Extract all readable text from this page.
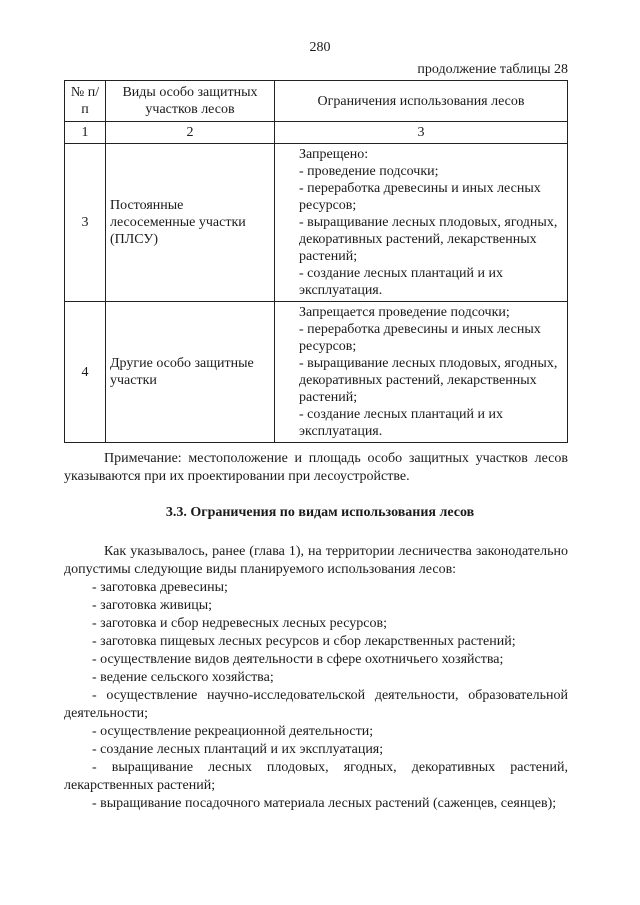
280
продолжение таблицы 28
№ п/п	Виды особо защитных участков лесов	Ограничения использования лесов
1	2	3
3	Постоянные лесосеменные участки (ПЛСУ)	Запрещено:
- проведение подсочки;
- переработка древесины и иных лесных ресурсов;
- выращивание лесных плодовых, ягодных, декоративных растений, лекарственных растений;
- создание лесных плантаций и их эксплуатация.

4	Другие особо защитные участки	Запрещается проведение подсочки;
- переработка древесины и иных лесных ресурсов;
- выращивание лесных плодовых, ягодных, декоративных растений, лекарственных растений;
- создание лесных плантаций и их эксплуатация.
Примечание: местоположение и площадь особо защитных участков лесов указываются при их проектировании при лесоустройстве.
3.3. Ограничения по видам использования лесов

Как указывалось, ранее (глава 1), на территории лесничества законодательно допустимы следующие виды планируемого использования лесов:

- заготовка древесины;

- заготовка живицы;

- заготовка и сбор недревесных лесных ресурсов;

- заготовка пищевых лесных ресурсов и сбор лекарственных растений;

- осуществление видов деятельности в сфере охотничьего хозяйства;

- ведение сельского хозяйства;

- осуществление научно-исследовательской деятельности, образовательной деятельности;

- осуществление рекреационной деятельности;

- создание лесных плантаций и их эксплуатация;

- выращивание лесных плодовых, ягодных, декоративных растений, лекарственных растений;

- выращивание посадочного материала лесных растений (саженцев, сеянцев);
